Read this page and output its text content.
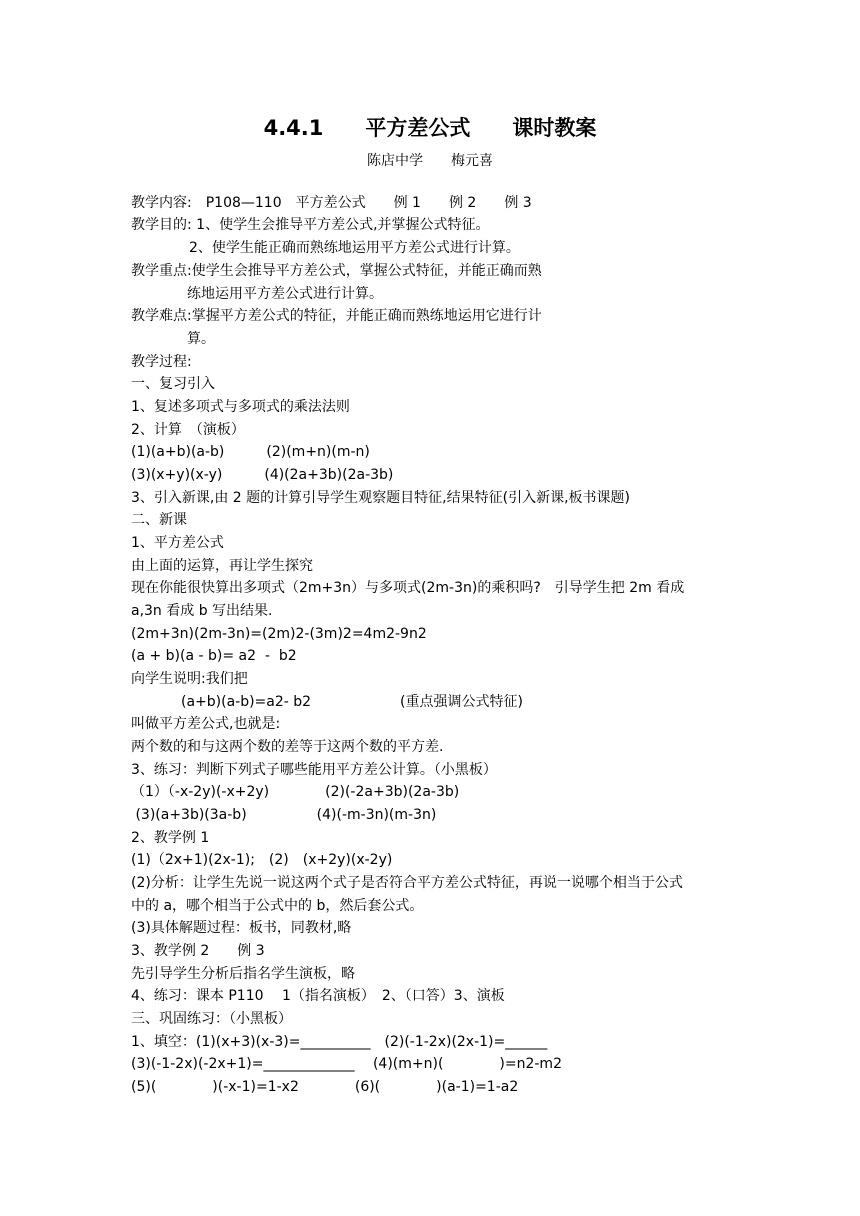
4.4.1　　平方差公式　　课时教案
陈店中学　　梅元喜
教学内容:　P108—110　平方差公式　　例 1　　例 2　　例 3
教学目的: 1、使学生会推导平方差公式,并掌握公式特征。
2、使学生能正确而熟练地运用平方差公式进行计算。
教学重点:使学生会推导平方差公式，掌握公式特征，并能正确而熟
练地运用平方差公式进行计算。
教学难点:掌握平方差公式的特征，并能正确而熟练地运用它进行计
算。
教学过程:
一、复习引入
1、复述多项式与多项式的乘法法则
2、计算　（演板）
(1)(a+b)(a-b)　　　(2)(m+n)(m-n)
(3)(x+y)(x-y)　　　(4)(2a+3b)(2a-3b)
3、引入新课,由 2 题的计算引导学生观察题目特征,结果特征(引入新课,板书课题)
二、新课
1、平方差公式
由上面的运算，再让学生探究
现在你能很快算出多项式（2m+3n）与多项式(2m-3n)的乘积吗?　引导学生把 2m 看成
a,3n 看成 b 写出结果.
(2m+3n)(2m-3n)=(2m)2-(3m)2=4m2-9n2
(a + b)(a - b)= a2  -  b2
向学生说明:我们把
(a+b)(a-b)=a2- b2	(重点强调公式特征)
叫做平方差公式,也就是:
两个数的和与这两个数的差等于这两个数的平方差.
3、练习：判断下列式子哪些能用平方差公计算。（小黑板）
（1）（-x-2y)(-x+2y)　　　　(2)(-2a+3b)(2a-3b)
(3)(a+3b)(3a-b)　　　　　(4)(-m-3n)(m-3n)
2、教学例 1
(1)（2x+1)(2x-1);　(2)　(x+2y)(x-2y)
(2)分析：让学生先说一说这两个式子是否符合平方差公式特征，再说一说哪个相当于公式
中的 a，哪个相当于公式中的 b，然后套公式。
(3)具体解题过程：板书，同教材,略
3、教学例 2　　例 3
先引导学生分析后指名学生演板，略
4、练习：课本 P110　 1（指名演板）　2、（口答）3、演板
三、巩固练习：（小黑板）
1、填空：(1)(x+3)(x-3)=__________　(2)(-1-2x)(2x-1)=______
(3)(-1-2x)(-2x+1)=_____________　 (4)(m+n)(　　　　)=n2-m2
(5)(　　　　)(-x-1)=1-x2　　　　(6)(　　　　)(a-1)=1-a2
